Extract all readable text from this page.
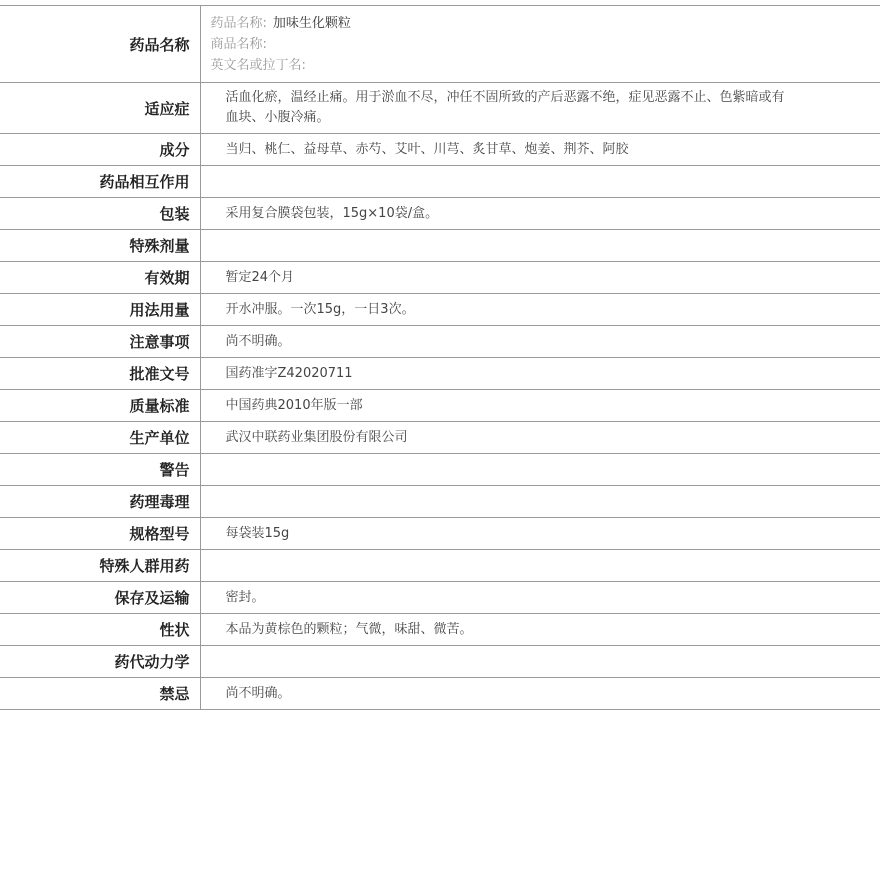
药品名称	药品名称: 加味生化颗粒
商品名称:
英文名或拉丁名:

适应症	活血化瘀，温经止痛。用于淤血不尽，冲任不固所致的产后恶露不绝，症见恶露不止、色紫暗或有血块、小腹冷痛。

成分	当归、桃仁、益母草、赤芍、艾叶、川芎、炙甘草、炮姜、荆芥、阿胶
药品相互作用	
包装	采用复合膜袋包装，15g×10袋/盒。
特殊剂量	
有效期	暂定24个月
用法用量	开水冲服。一次15g，一日3次。
注意事项	尚不明确。
批准文号	国药准字Z42020711
质量标准	中国药典2010年版一部
生产单位	武汉中联药业集团股份有限公司
警告	
药理毒理	
规格型号	每袋装15g
特殊人群用药	
保存及运输	密封。
性状	本品为黄棕色的颗粒；气微，味甜、微苦。
药代动力学	
禁忌	尚不明确。
